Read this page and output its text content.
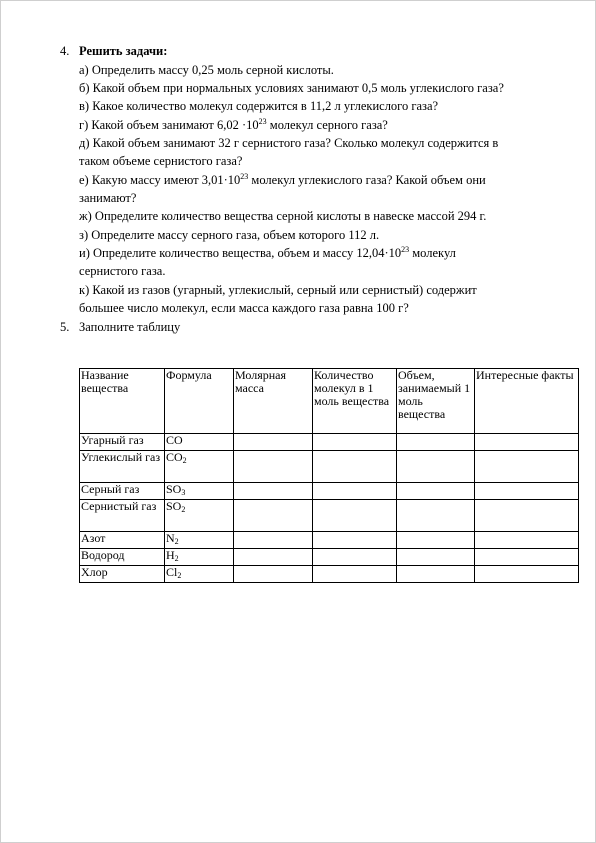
4. Решить задачи:
а) Определить массу 0,25 моль серной кислоты.
б) Какой объем при нормальных условиях занимают 0,5 моль углекислого газа?
в) Какое количество молекул содержится в 11,2 л углекислого газа?
г) Какой объем занимают $6,02 \cdot 10^{23}$ молекул серного газа?
д) Какой объем занимают 32 г сернистого газа? Сколько молекул содержится в
таком объеме сернистого газа?
е) Какую массу имеют $3,01\cdot 10^{23}$ молекул углекислого газа? Какой объем они
занимают?
ж) Определите количество вещества серной кислоты в навеске массой 294 г.
з) Определите массу серного газа, объем которого 112 л.
и) Определите количество вещества, объем и массу $12,04\cdot 10^{23}$ молекул
сернистого газа.
к) Какой из газов (угарный, углекислый, серный или сернистый) содержит
большее число молекул, если масса каждого газа равна 100 г?
5. Заполните таблицу
Название вещества	Формула	Молярная масса	Количество молекул в 1 моль вещества	Объем, занимаемый 1 моль вещества	Интересные факты
Угарный газ	CO				
Углекислый газ	$CO_2$				
Серный газ	$SO_3$				
Сернистый газ	$SO_2$				
Азот	$N_2$				
Водород	$H_2$				
Хлор	$Cl_2$				
